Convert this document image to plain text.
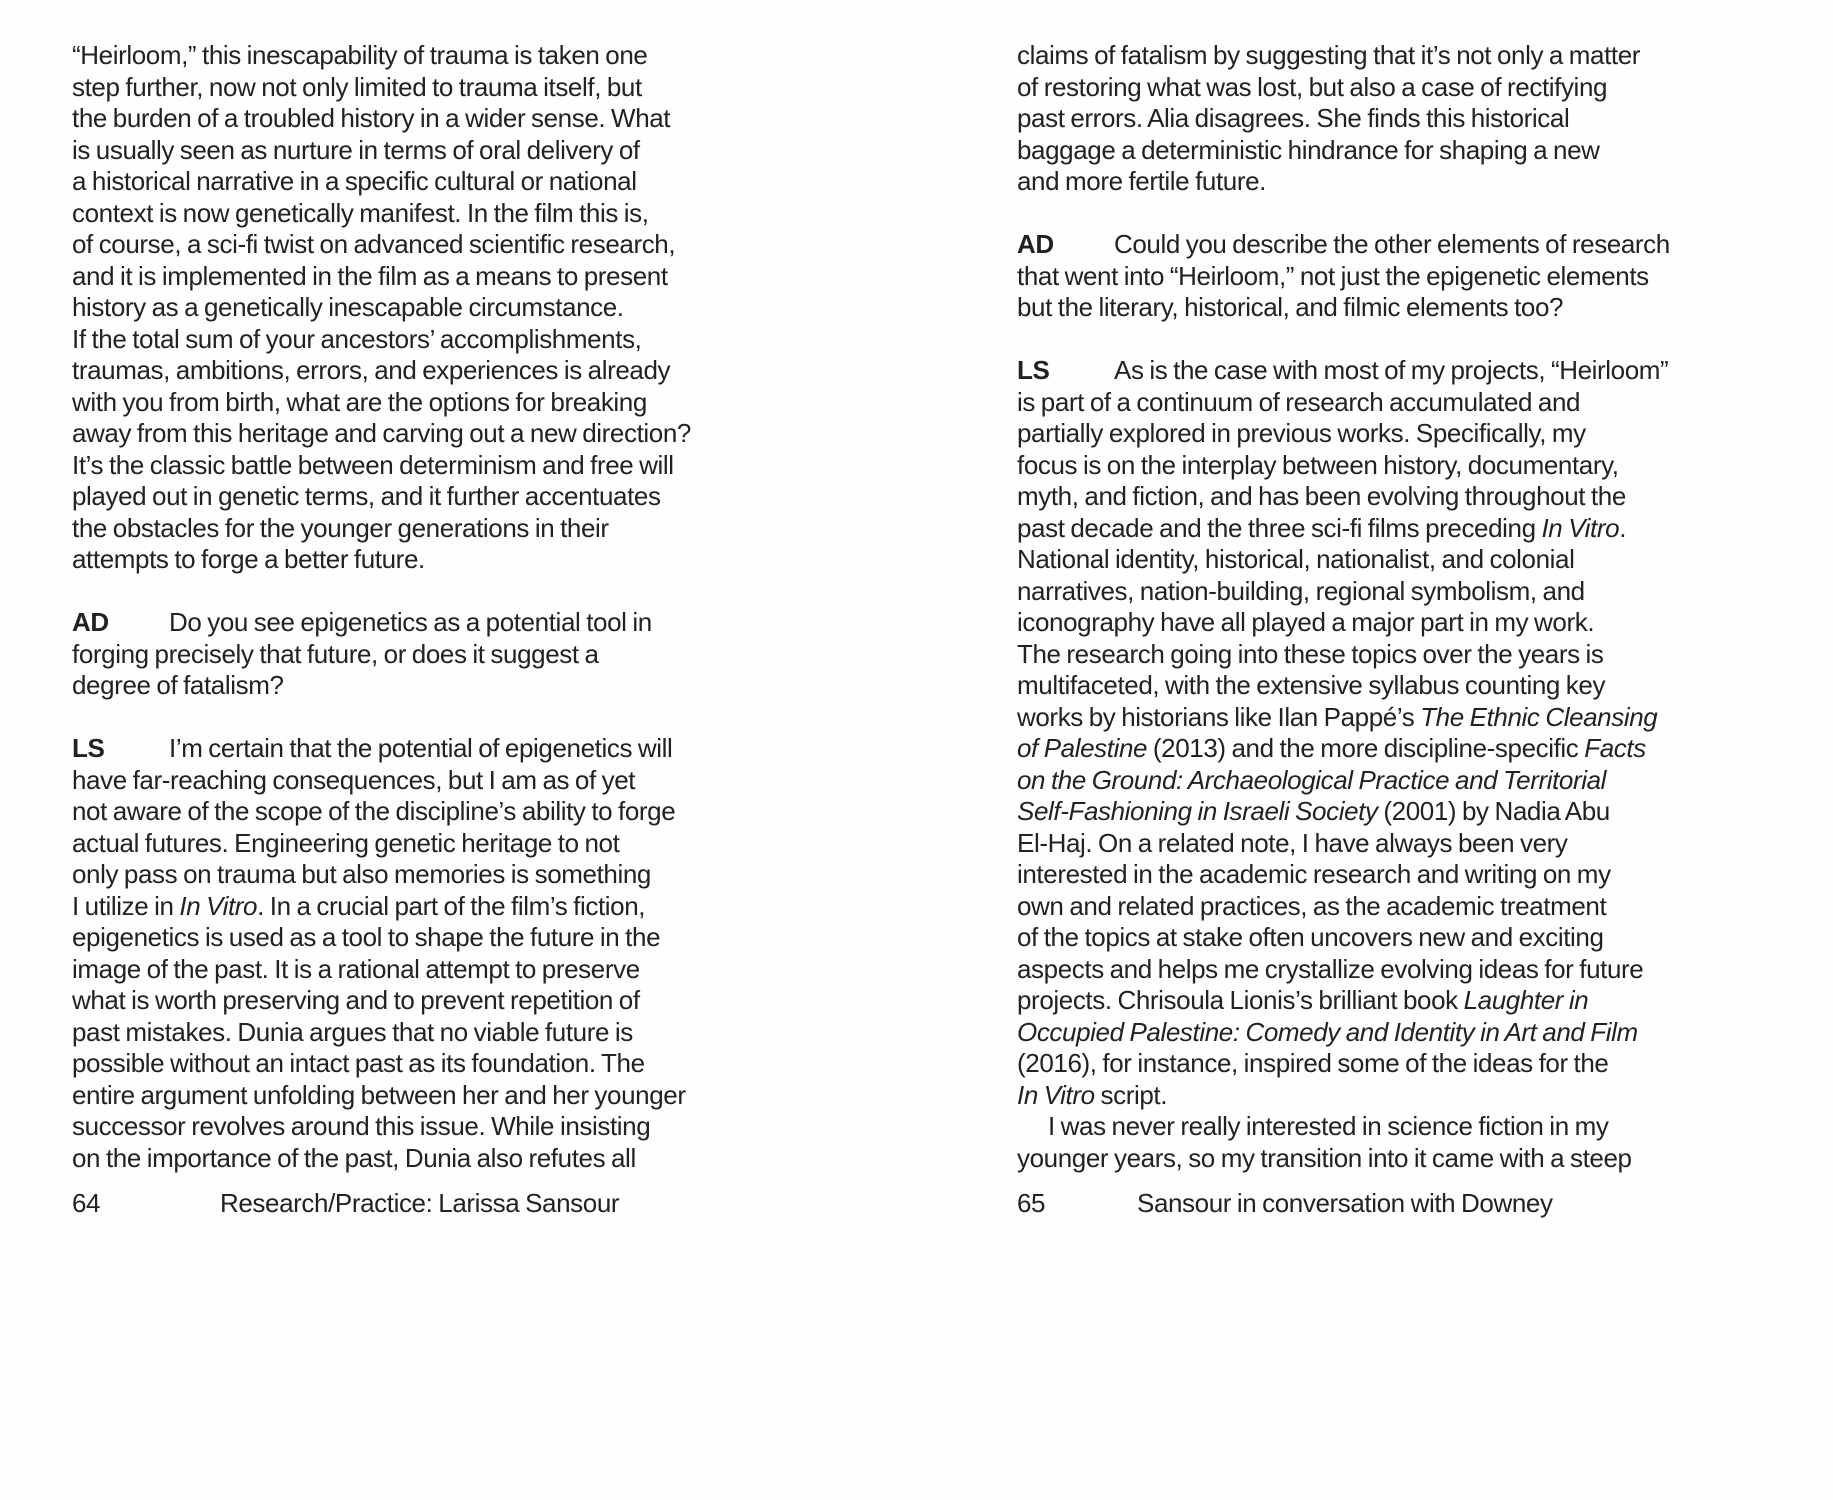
“Heirloom,” this inescapability of trauma is taken one
step further, now not only limited to trauma itself, but
the burden of a troubled history in a wider sense. What
is usually seen as nurture in terms of oral delivery of
a historical narrative in a specific cultural or national
context is now genetically manifest. In the film this is,
of course, a sci-fi twist on advanced scientific research,
and it is implemented in the film as a means to present
history as a genetically inescapable circumstance.
If the total sum of your ancestors’ accomplishments,
traumas, ambitions, errors, and experiences is already
with you from birth, what are the options for breaking
away from this heritage and carving out a new direction?
It’s the classic battle between determinism and free will
played out in genetic terms, and it further accentuates
the obstacles for the younger generations in their
attempts to forge a better future.
AD Do you see epigenetics as a potential tool in
forging precisely that future, or does it suggest a
degree of fatalism?
LS I’m certain that the potential of epigenetics will
have far-reaching consequences, but I am as of yet
not aware of the scope of the discipline’s ability to forge
actual futures. Engineering genetic heritage to not
only pass on trauma but also memories is something
I utilize in In Vitro. In a crucial part of the film’s fiction,
epigenetics is used as a tool to shape the future in the
image of the past. It is a rational attempt to preserve
what is worth preserving and to prevent repetition of
past mistakes. Dunia argues that no viable future is
possible without an intact past as its foundation. The
entire argument unfolding between her and her younger
successor revolves around this issue. While insisting
on the importance of the past, Dunia also refutes all
claims of fatalism by suggesting that it’s not only a matter
of restoring what was lost, but also a case of rectifying
past errors. Alia disagrees. She finds this historical
baggage a deterministic hindrance for shaping a new
and more fertile future.
AD Could you describe the other elements of research
that went into “Heirloom,” not just the epigenetic elements
but the literary, historical, and filmic elements too?
LS As is the case with most of my projects, “Heirloom”
is part of a continuum of research accumulated and
partially explored in previous works. Specifically, my
focus is on the interplay between history, documentary,
myth, and fiction, and has been evolving throughout the
past decade and the three sci-fi films preceding In Vitro.
National identity, historical, nationalist, and colonial
narratives, nation-building, regional symbolism, and
iconography have all played a major part in my work.
The research going into these topics over the years is
multifaceted, with the extensive syllabus counting key
works by historians like Ilan Pappé’s The Ethnic Cleansing
of Palestine (2013) and the more discipline-specific Facts
on the Ground: Archaeological Practice and Territorial
Self-Fashioning in Israeli Society (2001) by Nadia Abu
El-Haj. On a related note, I have always been very
interested in the academic research and writing on my
own and related practices, as the academic treatment
of the topics at stake often uncovers new and exciting
aspects and helps me crystallize evolving ideas for future
projects. Chrisoula Lionis’s brilliant book Laughter in
Occupied Palestine: Comedy and Identity in Art and Film
(2016), for instance, inspired some of the ideas for the
In Vitro script.
I was never really interested in science fiction in my
younger years, so my transition into it came with a steep
64	Research/Practice: Larissa Sansour	65	Sansour in conversation with Downey
